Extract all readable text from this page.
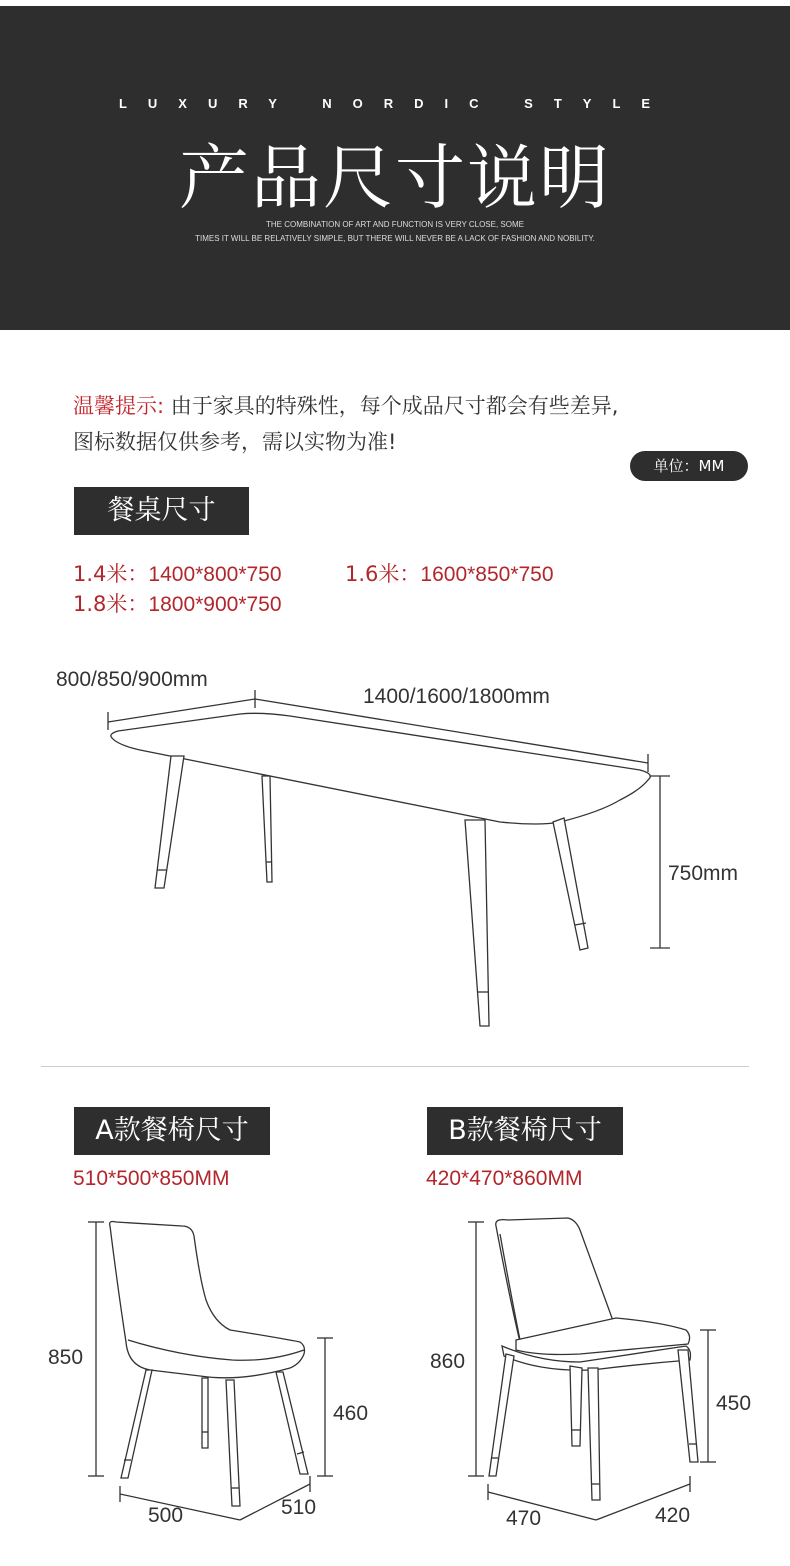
LUXURY NORDIC STYLE
产品尺寸说明
THE COMBINATION OF ART AND FUNCTION IS VERY CLOSE, SOME
TIMES IT WILL BE RELATIVELY SIMPLE, BUT THERE WILL NEVER BE A LACK OF FASHION AND NOBILITY.
温馨提示: 由于家具的特殊性，每个成品尺寸都会有些差异,
图标数据仅供参考，需以实物为准!
单位：MM
餐桌尺寸
1.4米：1400*800*750	1.6米：1600*850*750
1.8米：1800*900*750
800/850/900mm
1400/1600/1800mm
750mm
A款餐椅尺寸
510*500*850MM
B款餐椅尺寸
420*470*860MM
850
460
500	510
860
450
470	420
